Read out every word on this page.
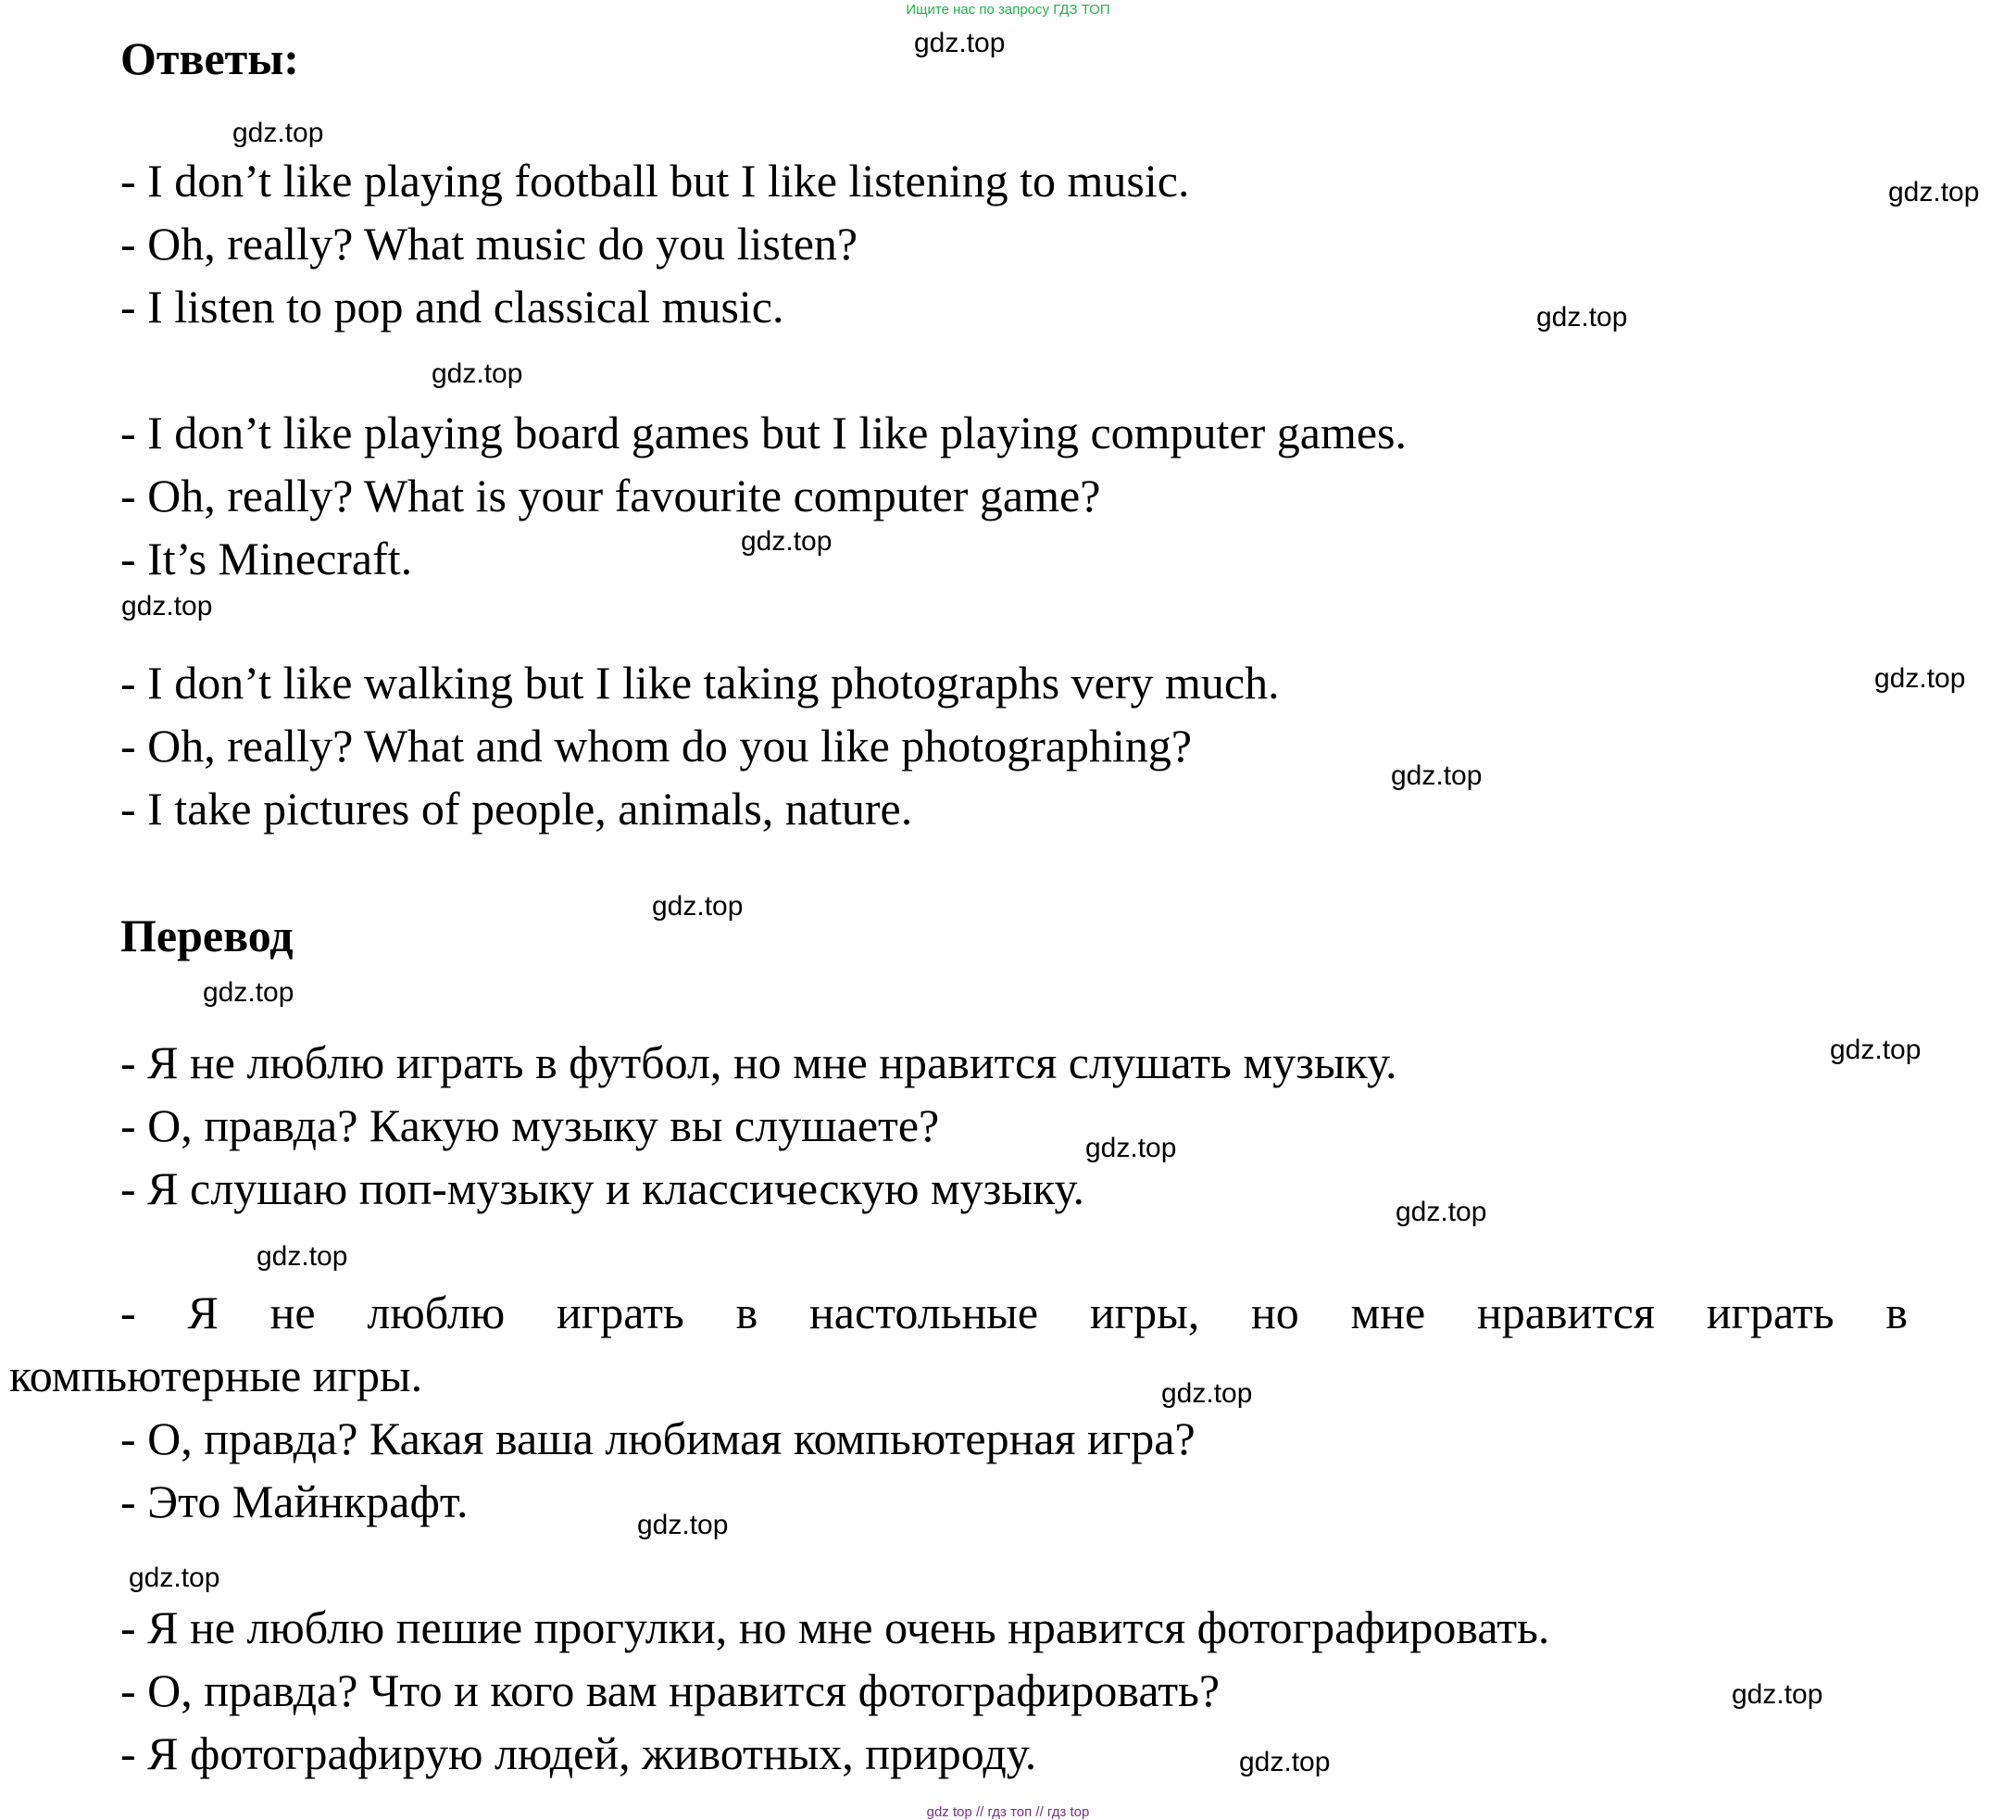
Ищите нас по запросу ГДЗ ТОП
Ответы:
- I don’t like playing football but I like listening to music.
- Oh, really? What music do you listen?
- I listen to pop and classical music.
- I don’t like playing board games but I like playing computer games.
- Oh, really? What is your favourite computer game?
- It’s Minecraft.
- I don’t like walking but I like taking photographs very much.
- Oh, really? What and whom do you like photographing?
- I take pictures of people, animals, nature.
Перевод
- Я не люблю играть в футбол, но мне нравится слушать музыку.
- О, правда? Какую музыку вы слушаете?
- Я слушаю поп-музыку и классическую музыку.
- Я не люблю играть в настольные игры, но мне нравится играть в
компьютерные игры.
- О, правда? Какая ваша любимая компьютерная игра?
- Это Майнкрафт.
- Я не люблю пешие прогулки, но мне очень нравится фотографировать.
- О, правда? Что и кого вам нравится фотографировать?
- Я фотографирую людей, животных, природу.
gdz.top
gdz.top
gdz.top
gdz.top
gdz.top
gdz.top
gdz.top
gdz.top
gdz.top
gdz.top
gdz.top
gdz.top
gdz.top
gdz.top
gdz.top
gdz.top
gdz.top
gdz.top
gdz.top
gdz.top
gdz top // гдз топ // гдз top
